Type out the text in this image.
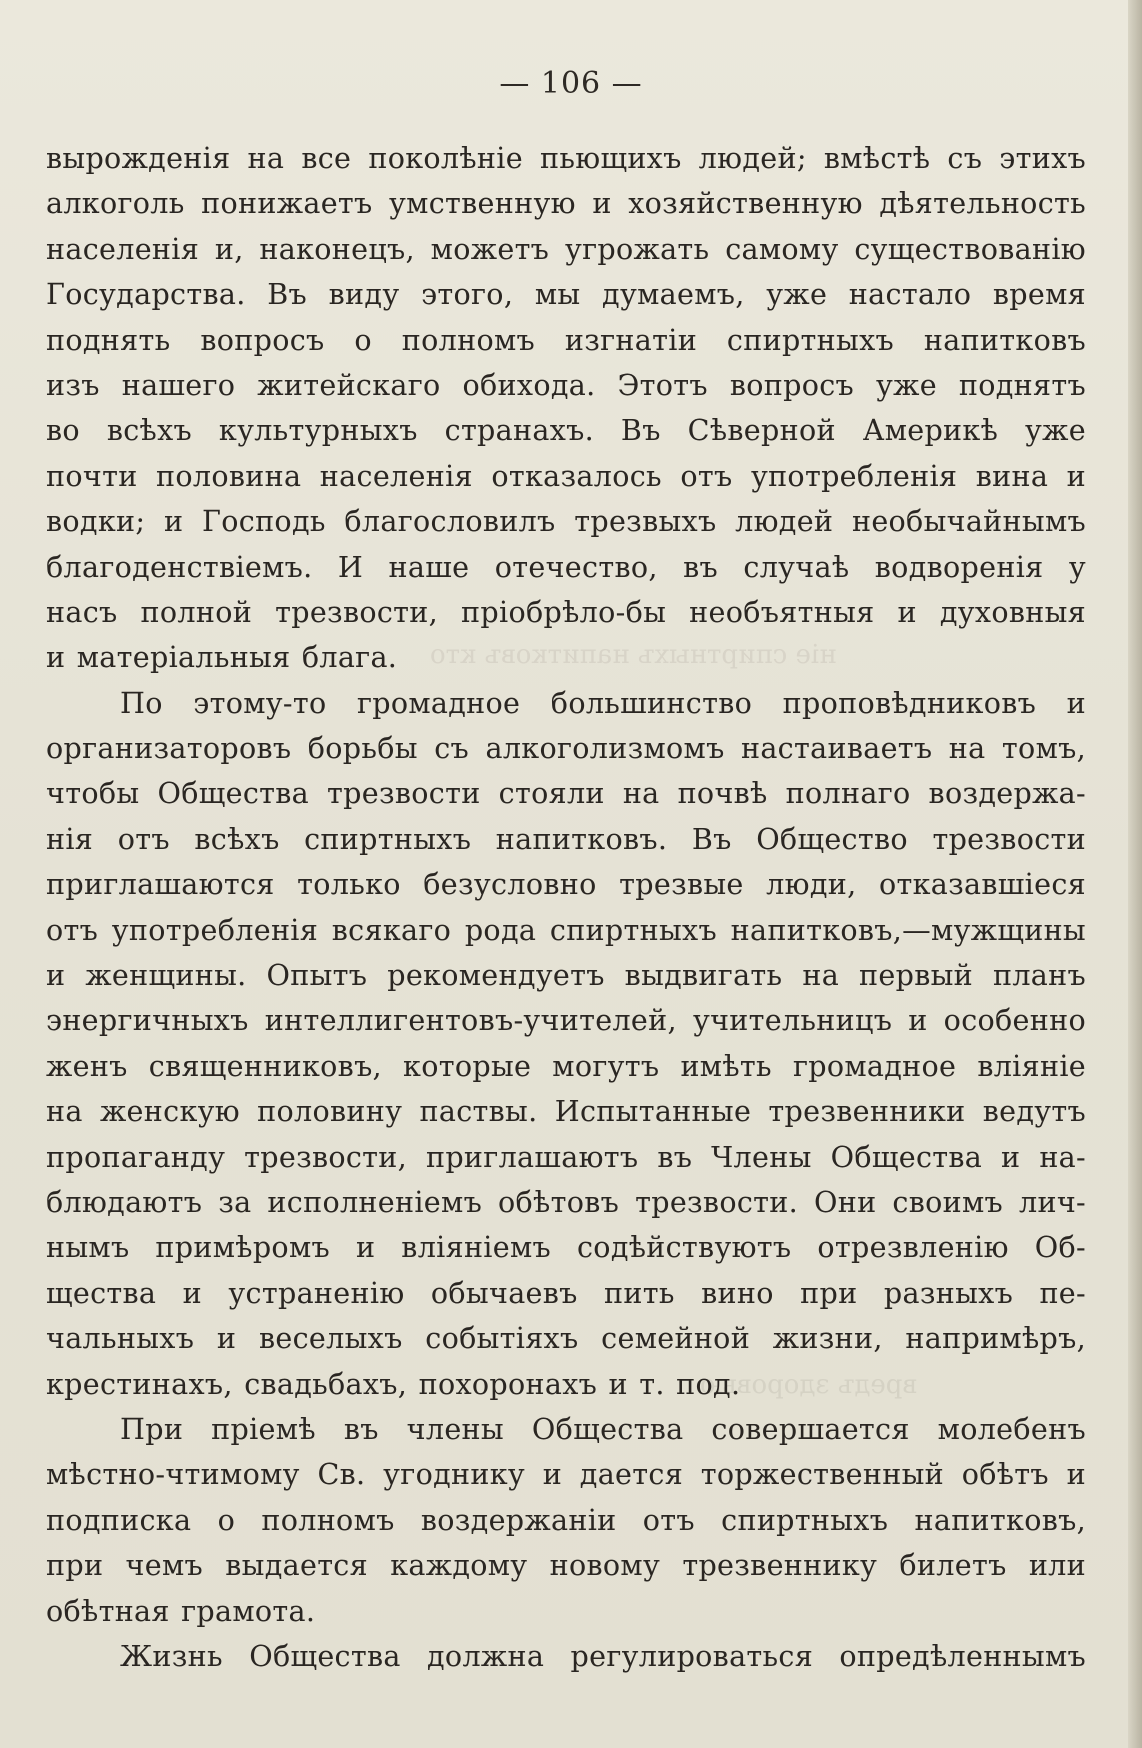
ніе спиртныхъ напитковъ кто
вредъ здоровью
— 106 —
вырожденія на все поколѣніе пьющихъ людей; вмѣстѣ съ этихъ
алкоголь понижаетъ умственную и хозяйственную дѣятельность
населенія и, наконецъ, можетъ угрожать самому существованію
Государства. Въ виду этого, мы думаемъ, уже настало время
поднять вопросъ о полномъ изгнатіи спиртныхъ напитковъ
изъ нашего житейскаго обихода. Этотъ вопросъ уже поднятъ
во всѣхъ культурныхъ странахъ. Въ Сѣверной Америкѣ уже
почти половина населенія отказалось отъ употребленія вина и
водки; и Господь благословилъ трезвыхъ людей необычайнымъ
благоденствіемъ. И наше отечество, въ случаѣ водворенія у
насъ полной трезвости, пріобрѣло-бы необъятныя и духовныя
и матеріальныя блага.
По этому-то громадное большинство проповѣдниковъ и
организаторовъ борьбы съ алкоголизмомъ настаиваетъ на томъ,
чтобы Общества трезвости стояли на почвѣ полнаго воздержа-
нія отъ всѣхъ спиртныхъ напитковъ. Въ Общество трезвости
приглашаются только безусловно трезвые люди, отказавшіеся
отъ употребленія всякаго рода спиртныхъ напитковъ,—мужщины
и женщины. Опытъ рекомендуетъ выдвигать на первый планъ
энергичныхъ интеллигентовъ-учителей, учительницъ и особенно
женъ священниковъ, которые могутъ имѣть громадное вліяніе
на женскую половину паствы. Испытанные трезвенники ведутъ
пропаганду трезвости, приглашаютъ въ Члены Общества и на-
блюдаютъ за исполненіемъ обѣтовъ трезвости. Они своимъ лич-
нымъ примѣромъ и вліяніемъ содѣйствуютъ отрезвленію Об-
щества и устраненію обычаевъ пить вино при разныхъ пе-
чальныхъ и веселыхъ событіяхъ семейной жизни, напримѣръ,
крестинахъ, свадьбахъ, похоронахъ и т. под.
При пріемѣ въ члены Общества совершается молебенъ
мѣстно-чтимому Св. угоднику и дается торжественный обѣтъ и
подписка о полномъ воздержаніи отъ спиртныхъ напитковъ,
при чемъ выдается каждому новому трезвеннику билетъ или
обѣтная грамота.
Жизнь Общества должна регулироваться опредѣленнымъ
